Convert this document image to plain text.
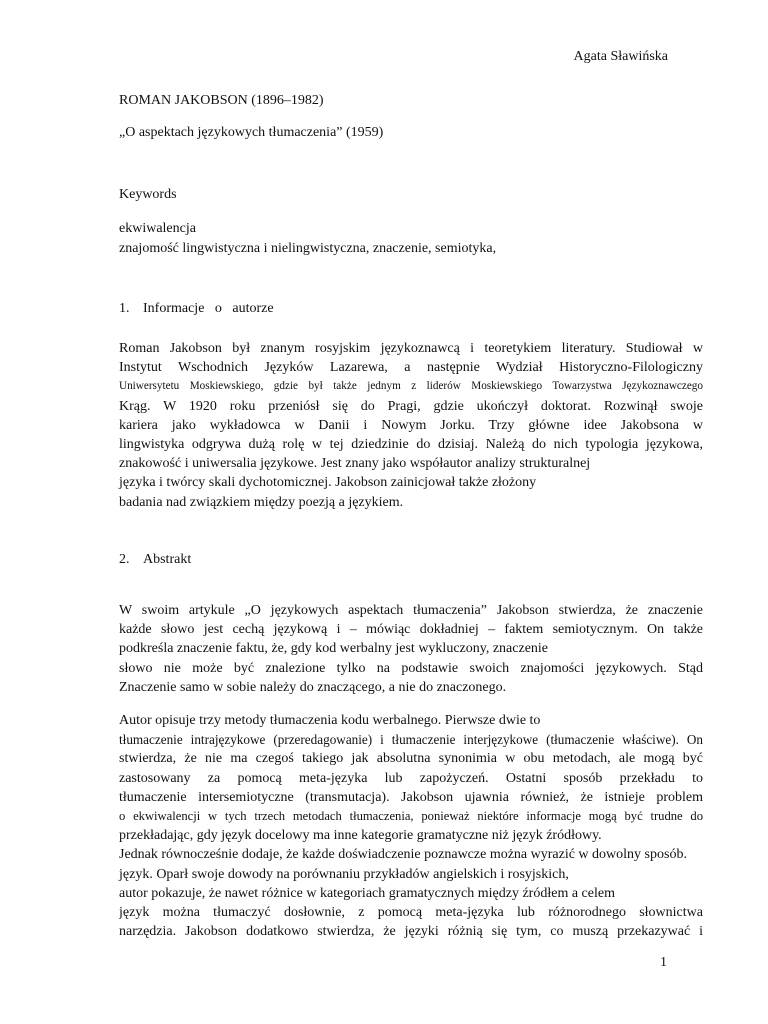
Agata Sławińska
ROMAN JAKOBSON (1896–1982)
„O aspektach językowych tłumaczenia” (1959)
Keywords
ekwiwalencja
znajomość lingwistyczna i nielingwistyczna, znaczenie, semiotyka,
1. Informacje   o   autorze
Roman Jakobson był znanym rosyjskim językoznawcą i teoretykiem literatury. Studiował w
Instytut Wschodnich Języków Lazarewa, a następnie Wydział Historyczno-Filologiczny
Uniwersytetu Moskiewskiego, gdzie był także jednym z liderów Moskiewskiego Towarzystwa Językoznawczego
Krąg. W 1920 roku przeniósł się do Pragi, gdzie ukończył doktorat. Rozwinął swoje
kariera jako wykładowca w Danii i Nowym Jorku. Trzy główne idee Jakobsona w
lingwistyka odgrywa dużą rolę w tej dziedzinie do dzisiaj. Należą do nich typologia językowa,
znakowość i uniwersalia językowe. Jest znany jako współautor analizy strukturalnej
języka i twórcy skali dychotomicznej. Jakobson zainicjował także złożony
badania nad związkiem między poezją a językiem.
2. Abstrakt
W swoim artykule „O językowych aspektach tłumaczenia” Jakobson stwierdza, że znaczenie
każde słowo jest cechą językową i – mówiąc dokładniej – faktem semiotycznym. On także
podkreśla znaczenie faktu, że, gdy kod werbalny jest wykluczony, znaczenie
słowo nie może być znalezione tylko na podstawie swoich znajomości językowych. Stąd
Znaczenie samo w sobie należy do znaczącego, a nie do znaczonego.
Autor opisuje trzy metody tłumaczenia kodu werbalnego. Pierwsze dwie to
tłumaczenie intrajęzykowe (przeredagowanie) i tłumaczenie interjęzykowe (tłumaczenie właściwe). On
stwierdza, że nie ma czegoś takiego jak absolutna synonimia w obu metodach, ale mogą być
zastosowany za pomocą meta-języka lub zapożyczeń. Ostatni sposób przekładu to
tłumaczenie intersemiotyczne (transmutacja). Jakobson ujawnia również, że istnieje problem
o ekwiwalencji w tych trzech metodach tłumaczenia, ponieważ niektóre informacje mogą być trudne do
przekładając, gdy język docelowy ma inne kategorie gramatyczne niż język źródłowy.
Jednak równocześnie dodaje, że każde doświadczenie poznawcze można wyrazić w dowolny sposób.
język. Oparł swoje dowody na porównaniu przykładów angielskich i rosyjskich,
autor pokazuje, że nawet różnice w kategoriach gramatycznych między źródłem a celem
język można tłumaczyć dosłownie, z pomocą meta-języka lub różnorodnego słownictwa
narzędzia. Jakobson dodatkowo stwierdza, że języki różnią się tym, co muszą przekazywać i
1
